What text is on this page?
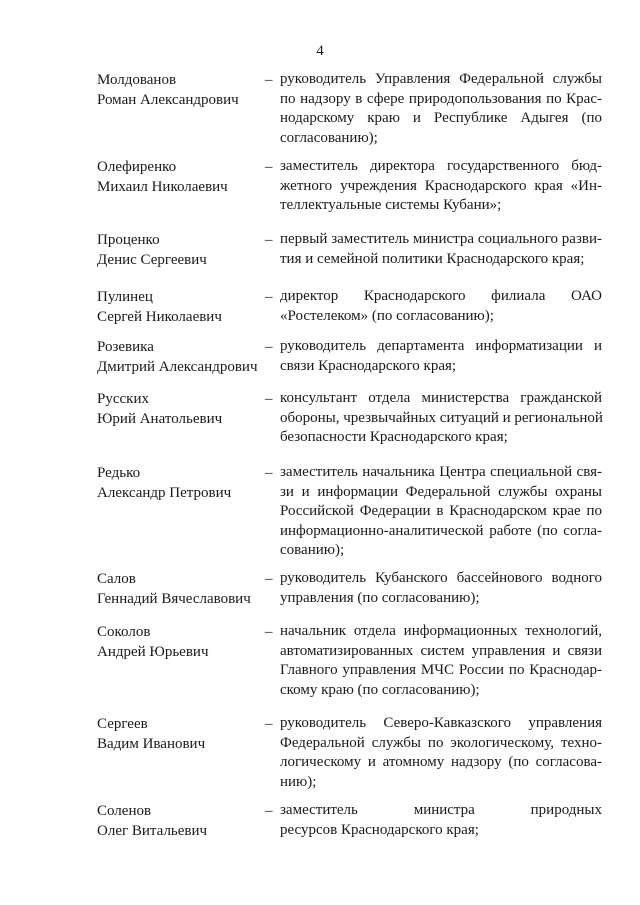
4
Молдованов
Роман Александрович
– руководитель Управления Федеральной службы
по надзору в сфере природопользования по Крас-
нодарскому краю и Республике Адыгея (по
согласованию);
Олефиренко
Михаил Николаевич
– заместитель директора государственного бюд-
жетного учреждения Краснодарского края «Ин-
теллектуальные системы Кубани»;
Проценко
Денис Сергеевич
– первый заместитель министра социального разви-
тия и семейной политики Краснодарского края;
Пулинец
Сергей Николаевич
– директор Краснодарского филиала ОАО
«Ростелеком» (по согласованию);
Розевика
Дмитрий Александрович
– руководитель департамента информатизации и
связи Краснодарского края;
Русских
Юрий Анатольевич
– консультант отдела министерства гражданской
обороны, чрезвычайных ситуаций и региональной
безопасности Краснодарского края;
Редько
Александр Петрович
– заместитель начальника Центра специальной свя-
зи и информации Федеральной службы охраны
Российской Федерации в Краснодарском крае по
информационно-аналитической работе (по согла-
сованию);
Салов
Геннадий Вячеславович
– руководитель Кубанского бассейнового водного
управления (по согласованию);
Соколов
Андрей Юрьевич
– начальник отдела информационных технологий,
автоматизированных систем управления и связи
Главного управления МЧС России по Краснодар-
скому краю (по согласованию);
Сергеев
Вадим Иванович
– руководитель Северо-Кавказского управления
Федеральной службы по экологическому, техно-
логическому и атомному надзору (по согласова-
нию);
Соленов
Олег Витальевич
– заместитель министра природных
ресурсов Краснодарского края;
